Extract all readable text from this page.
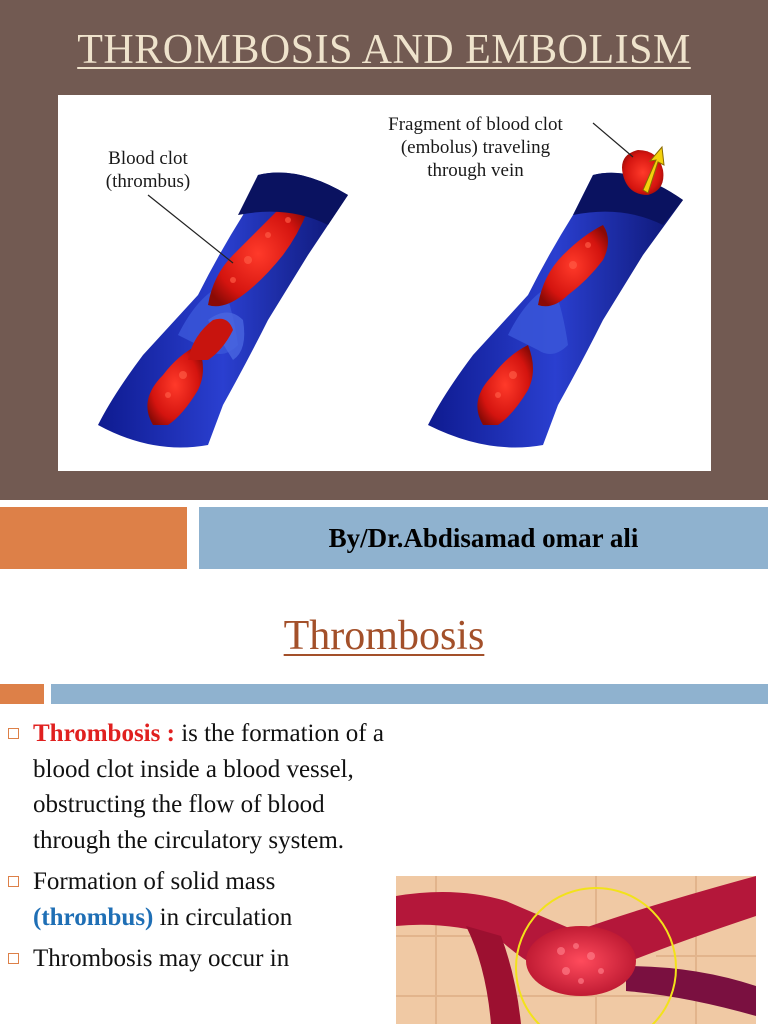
THROMBOSIS AND EMBOLISM
Blood clot
(thrombus)
Fragment of blood clot
(embolus) traveling
through vein
By/Dr.Abdisamad omar ali
Thrombosis
Thrombosis : is the formation of a blood clot inside a blood vessel, obstructing the flow of blood through the circulatory system.
Formation of solid mass (thrombus) in circulation
Thrombosis may occur in
